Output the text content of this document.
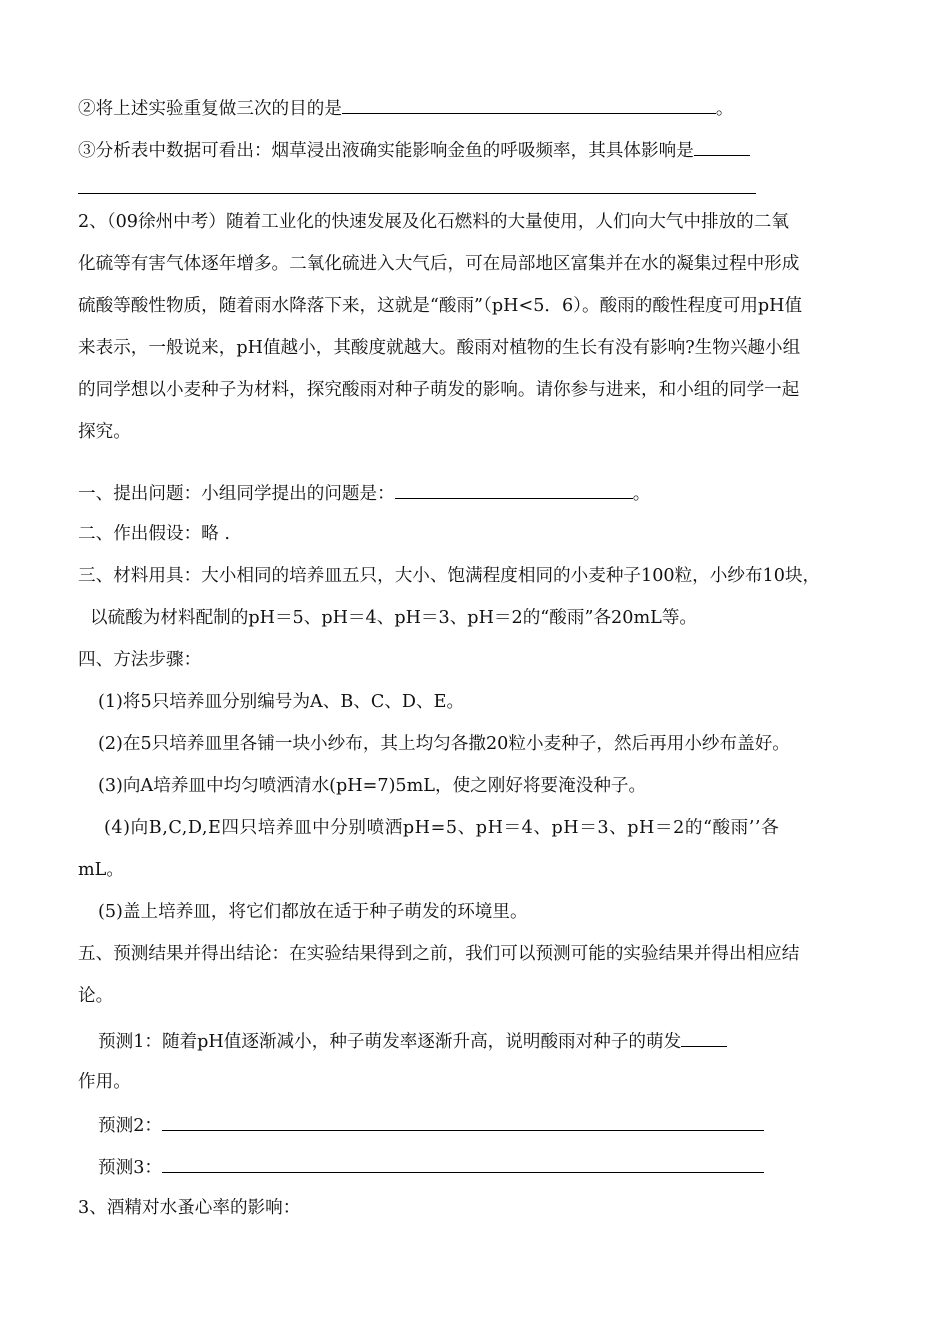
②将上述实验重复做三次的目的是	。
③分析表中数据可看出：烟草浸出液确实能影响金鱼的呼吸频率，其具体影响是
2、（09徐州中考）随着工业化的快速发展及化石燃料的大量使用，人们向大气中排放的二氧
化硫等有害气体逐年增多。二氧化硫进入大气后，可在局部地区富集并在水的凝集过程中形成
硫酸等酸性物质，随着雨水降落下来，这就是“酸雨”（pH<5．6）。酸雨的酸性程度可用pH值
来表示，一般说来，pH值越小，其酸度就越大。酸雨对植物的生长有没有影响?生物兴趣小组
的同学想以小麦种子为材料，探究酸雨对种子萌发的影响。请你参与进来，和小组的同学一起
探究。
一、提出问题：小组同学提出的问题是：	。
二、作出假设：略 .
三、材料用具：大小相同的培养皿五只，大小、饱满程度相同的小麦种子100粒，小纱布10块，
以硫酸为材料配制的pH＝5、pH＝4、pH＝3、pH＝2的“酸雨”各20mL等。
四、方法步骤：
(1)将5只培养皿分别编号为A、B、C、D、E。
(2)在5只培养皿里各铺一块小纱布，其上均匀各撒20粒小麦种子，然后再用小纱布盖好。
(3)向A培养皿中均匀喷洒清水(pH=7)5mL，使之刚好将要淹没种子。
(4)向B,C,D,E四只培养皿中分别喷洒pH=5、pH＝4、pH＝3、pH＝2的“酸雨’’各
mL。
(5)盖上培养皿，将它们都放在适于种子萌发的环境里。
五、预测结果并得出结论：在实验结果得到之前，我们可以预测可能的实验结果并得出相应结
论。
预测1：随着pH值逐渐减小，种子萌发率逐渐升高，说明酸雨对种子的萌发
作用。
预测2：
预测3：
3、酒精对水蚤心率的影响：
